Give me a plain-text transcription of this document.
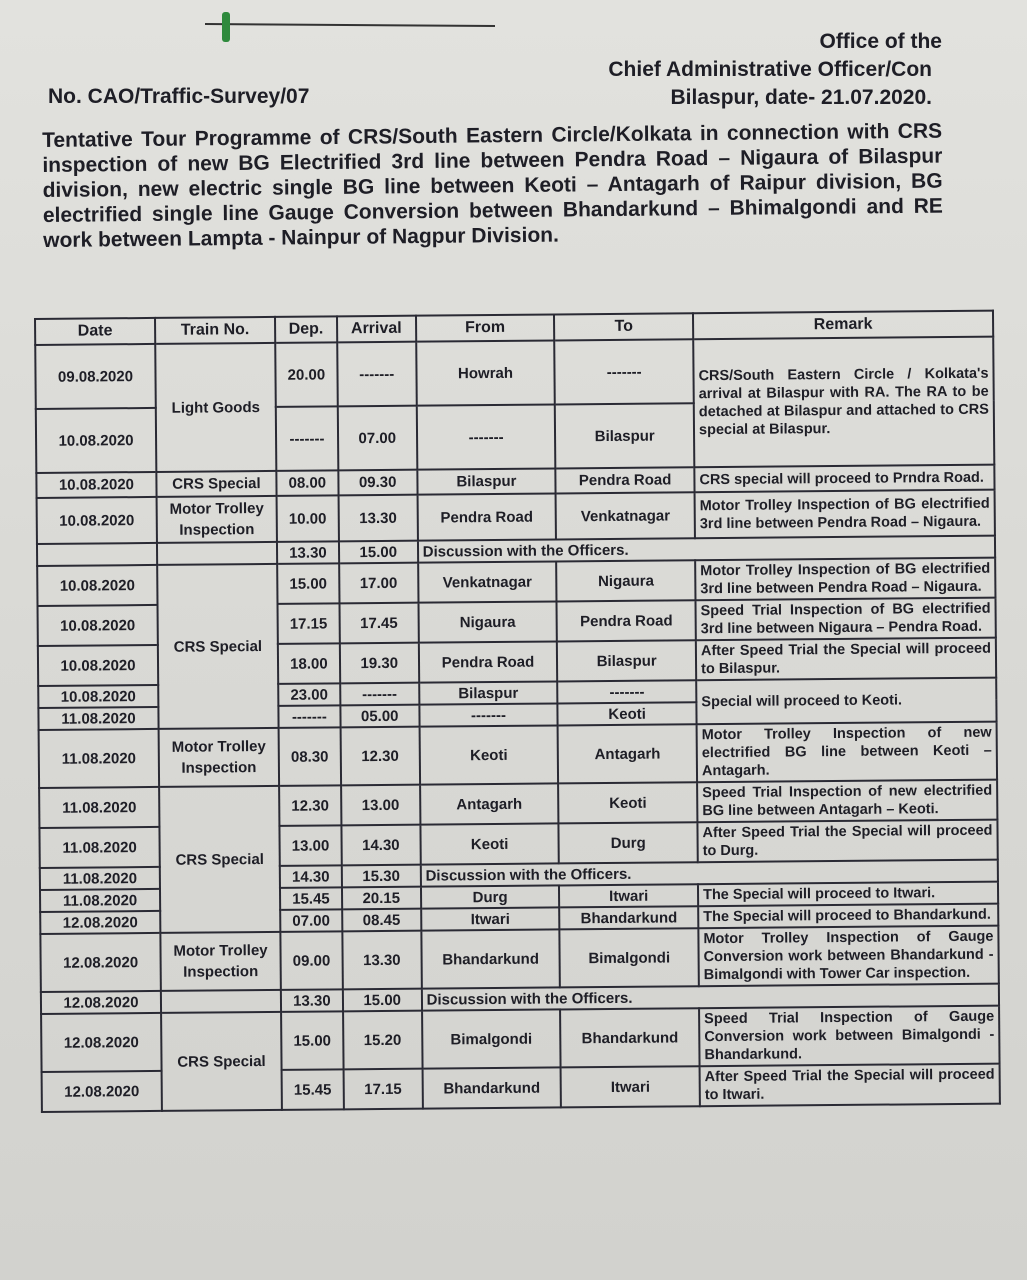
Office of the
Chief Administrative Officer/Con
Bilaspur, date- 21.07.2020.
No. CAO/Traffic-Survey/07
Tentative Tour Programme of CRS/South Eastern Circle/Kolkata in connection with CRS inspection of new BG Electrified 3rd line between Pendra Road – Nigaura of Bilaspur division, new electric single BG line between Keoti – Antagarh of Raipur division, BG electrified single line Gauge Conversion between Bhandarkund – Bhimalgondi and RE work between Lampta - Nainpur of Nagpur Division.
Date	Train No.	Dep.	Arrival	From	To	Remark
09.08.2020	Light Goods	20.00	-------	Howrah	-------	CRS/South Eastern Circle / Kolkata's arrival at Bilaspur with RA. The RA to be detached at Bilaspur and attached to CRS special at Bilaspur.
10.08.2020		-------	07.00	-------	Bilaspur	
10.08.2020	CRS Special	08.00	09.30	Bilaspur	Pendra Road	CRS special will proceed to Prndra Road.
10.08.2020	Motor Trolley Inspection	10.00	13.30	Pendra Road	Venkatnagar	Motor Trolley Inspection of BG electrified 3rd line between Pendra Road – Nigaura.
		13.30	15.00	Discussion with the Officers.		
10.08.2020	CRS Special	15.00	17.00	Venkatnagar	Nigaura	Motor Trolley Inspection of BG electrified 3rd line between Pendra Road – Nigaura.
10.08.2020		17.15	17.45	Nigaura	Pendra Road	Speed Trial Inspection of BG electrified 3rd line between Nigaura – Pendra Road.
10.08.2020		18.00	19.30	Pendra Road	Bilaspur	After Speed Trial the Special will proceed to Bilaspur.
10.08.2020		23.00	-------	Bilaspur	-------	Special will proceed to Keoti.
11.08.2020		-------	05.00	-------	Keoti	
11.08.2020	Motor Trolley Inspection	08.30	12.30	Keoti	Antagarh	Motor Trolley Inspection of new electrified BG line between Keoti – Antagarh.
11.08.2020	CRS Special	12.30	13.00	Antagarh	Keoti	Speed Trial Inspection of new electrified BG line between Antagarh – Keoti.
11.08.2020		13.00	14.30	Keoti	Durg	After Speed Trial the Special will proceed to Durg.
11.08.2020		14.30	15.30	Discussion with the Officers.		
11.08.2020		15.45	20.15	Durg	Itwari	The Special will proceed to Itwari.
12.08.2020		07.00	08.45	Itwari	Bhandarkund	The Special will proceed to Bhandarkund.
12.08.2020	Motor Trolley Inspection	09.00	13.30	Bhandarkund	Bimalgondi	Motor Trolley Inspection of Gauge Conversion work between Bhandarkund - Bimalgondi with Tower Car inspection.
12.08.2020		13.30	15.00	Discussion with the Officers.		
12.08.2020	CRS Special	15.00	15.20	Bimalgondi	Bhandarkund	Speed Trial Inspection of Gauge Conversion work between Bimalgondi - Bhandarkund.
12.08.2020		15.45	17.15	Bhandarkund	Itwari	After Speed Trial the Special will proceed to Itwari.
